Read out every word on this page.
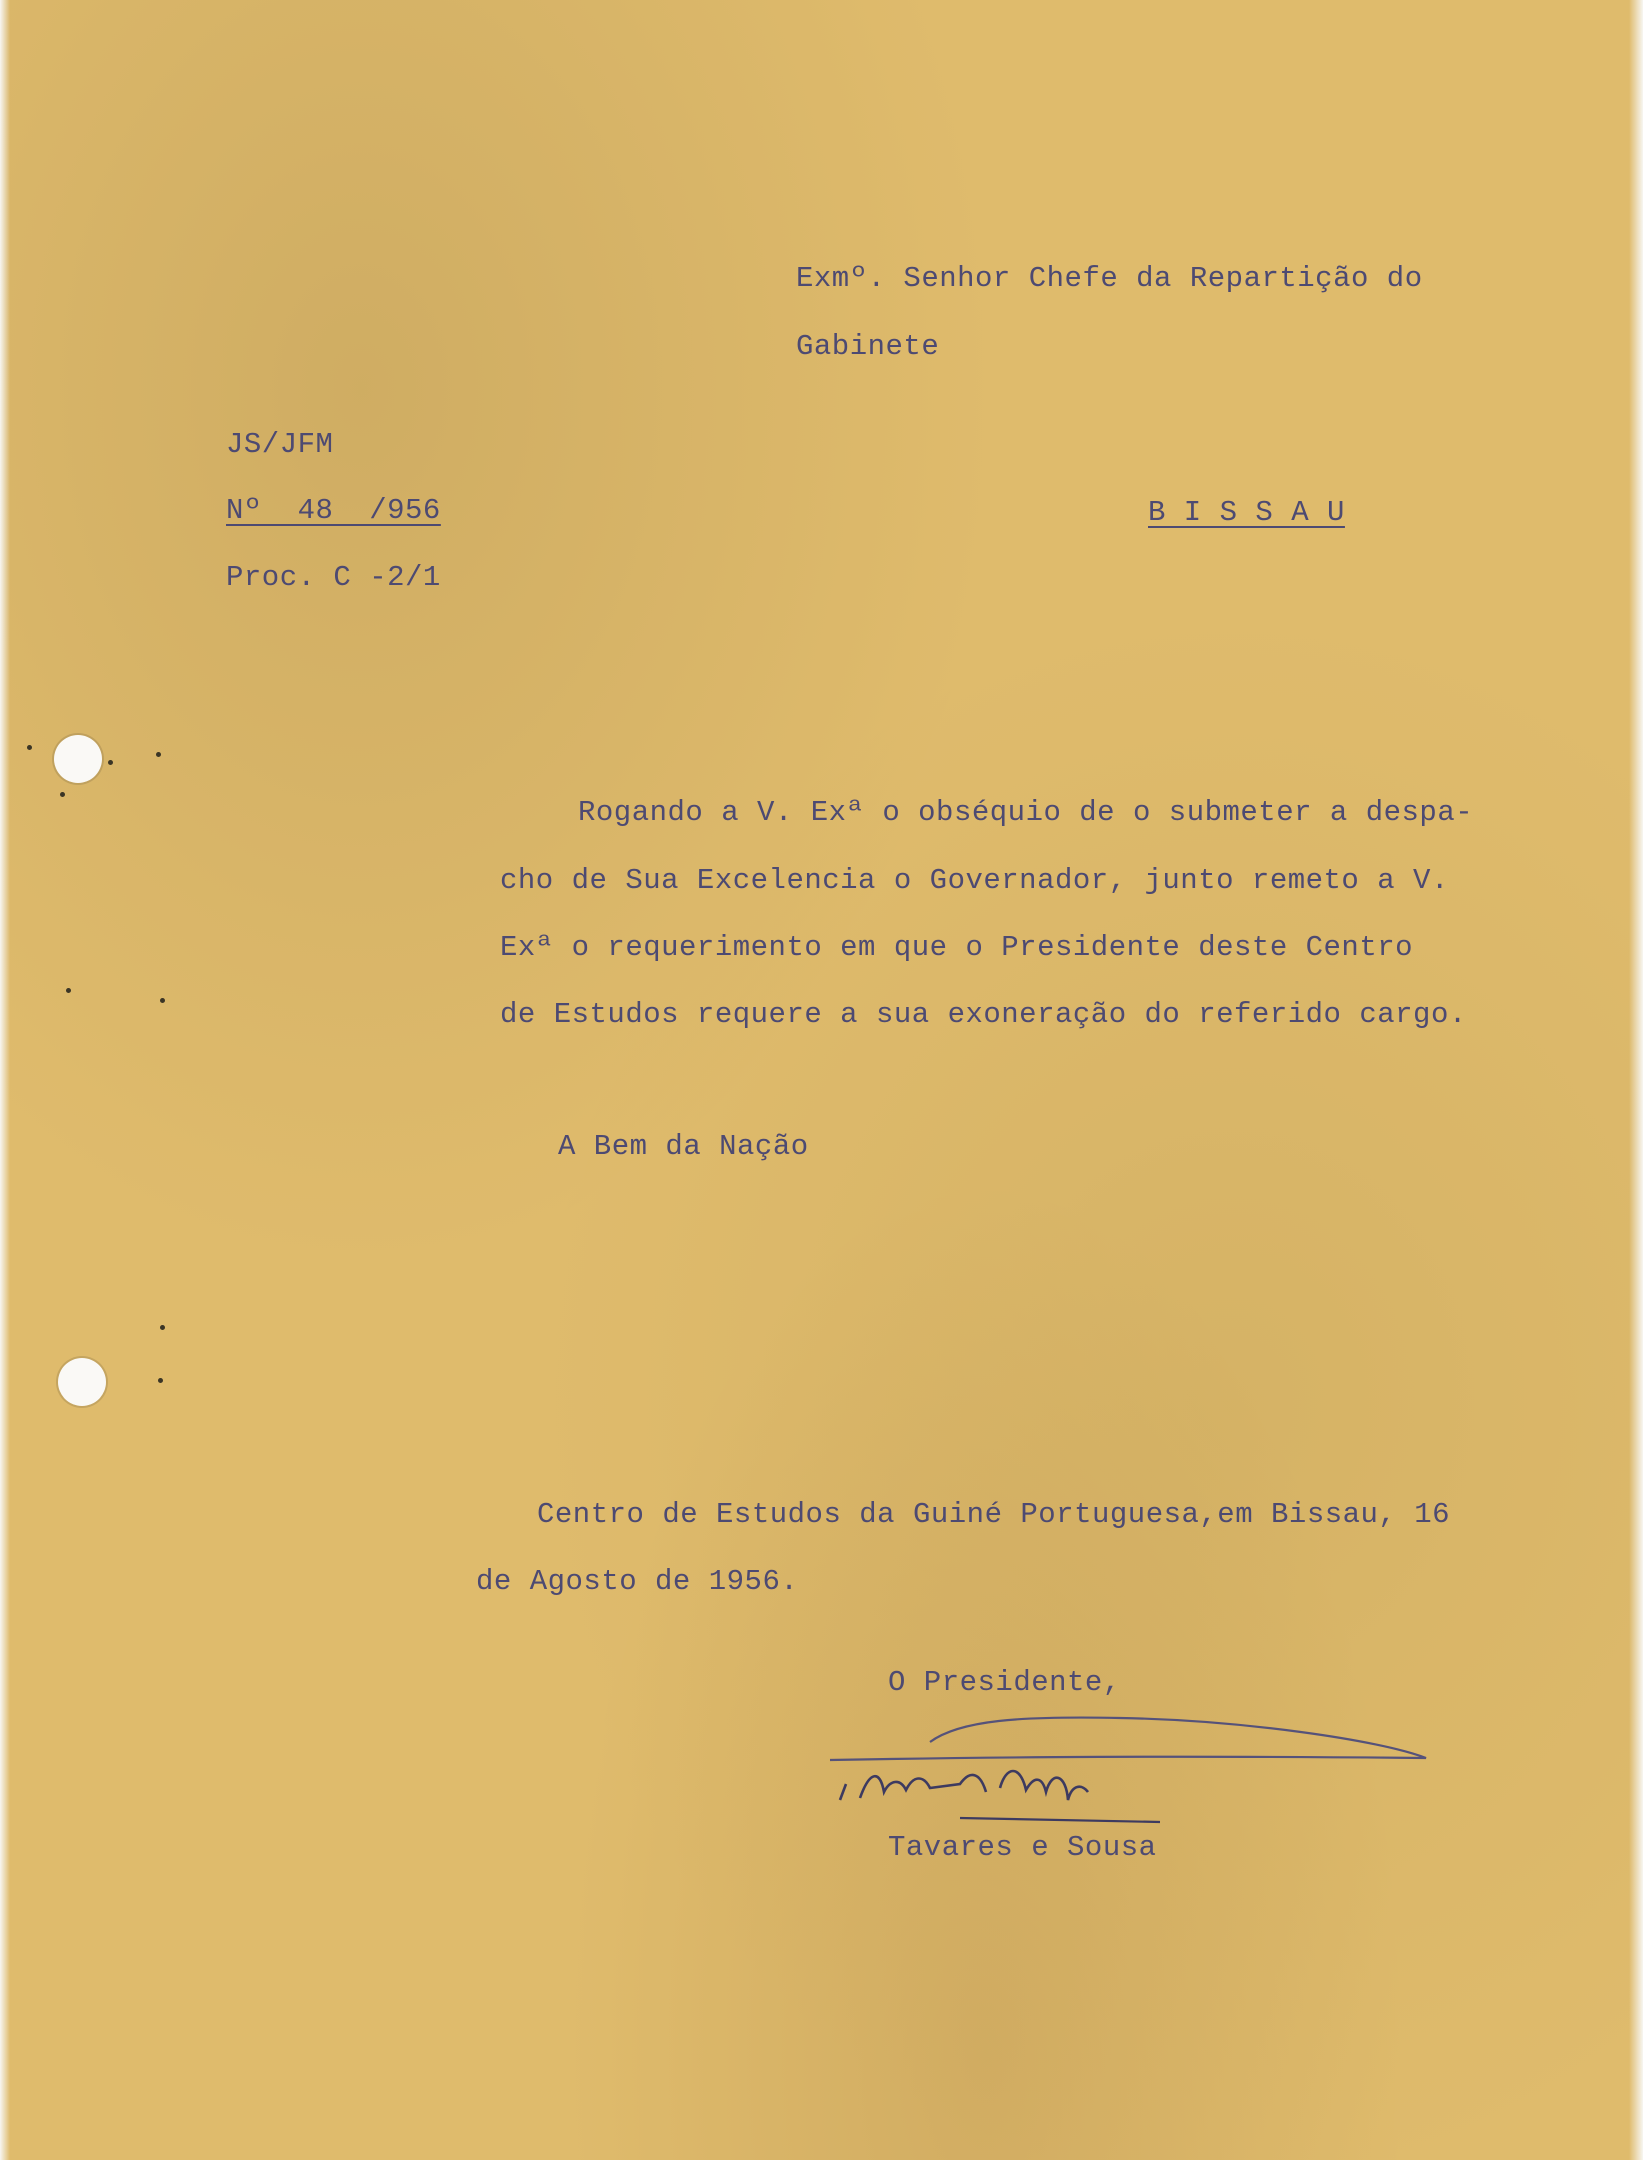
Exmº. Senhor Chefe da Repartição do

Gabinete

JS/JFM

Nº  48  /956

Proc. C -2/1

B I S S A U

Rogando a V. Exª o obséquio de o submeter a despa-

cho de Sua Excelencia o Governador, junto remeto a V.

Exª o requerimento em que o Presidente deste Centro

de Estudos requere a sua exoneração do referido cargo.

A Bem da Nação

Centro de Estudos da Guiné Portuguesa,em Bissau, 16

de Agosto de 1956.

O Presidente,

Tavares e Sousa
